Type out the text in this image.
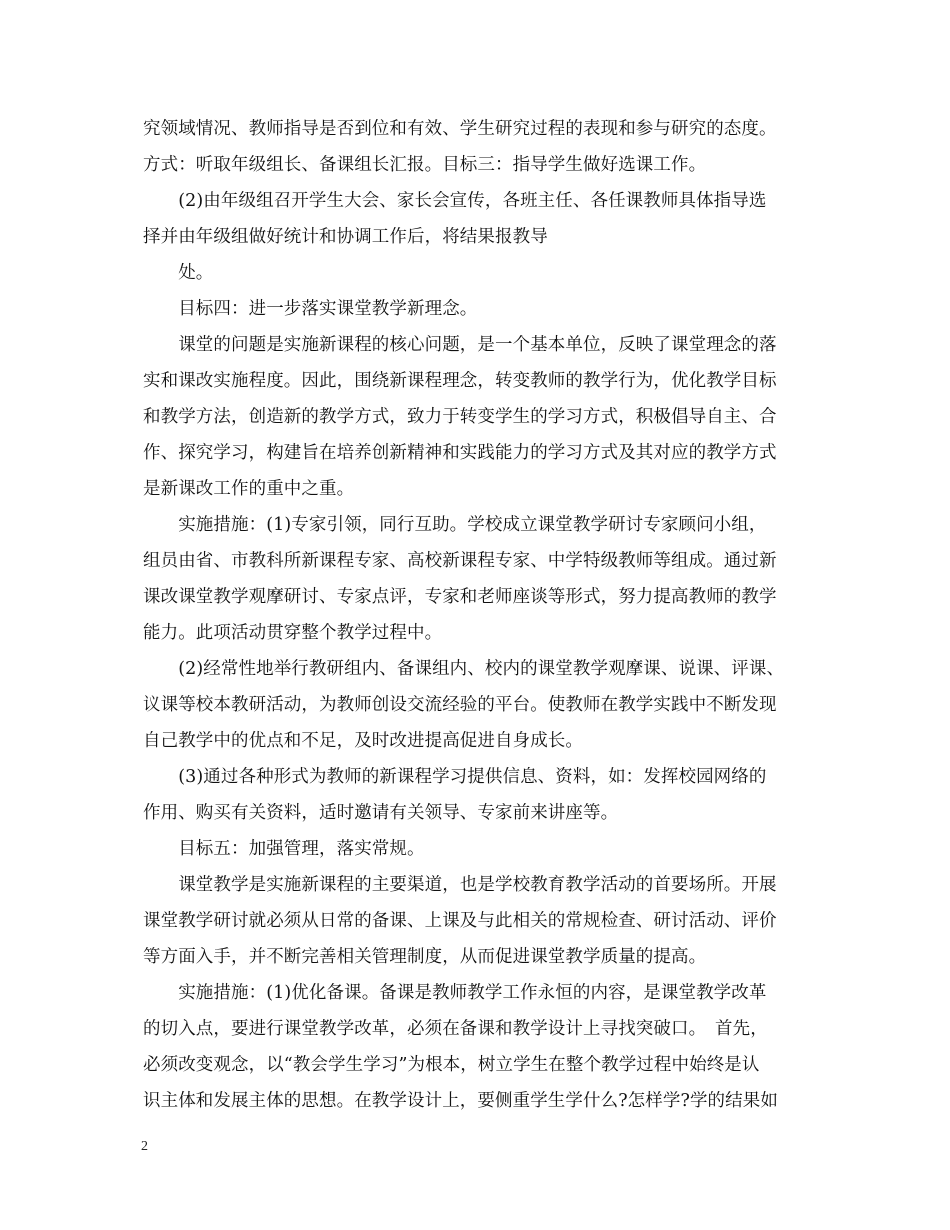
究领域情况、教师指导是否到位和有效、学生研究过程的表现和参与研究的态度。
方式：听取年级组长、备课组长汇报。目标三：指导学生做好选课工作。
　　(2)由年级组召开学生大会、家长会宣传，各班主任、各任课教师具体指导选
择并由年级组做好统计和协调工作后，将结果报教导
　　处。
　　目标四：进一步落实课堂教学新理念。
　　课堂的问题是实施新课程的核心问题，是一个基本单位，反映了课堂理念的落
实和课改实施程度。因此，围绕新课程理念，转变教师的教学行为，优化教学目标
和教学方法，创造新的教学方式，致力于转变学生的学习方式，积极倡导自主、合
作、探究学习，构建旨在培养创新精神和实践能力的学习方式及其对应的教学方式
是新课改工作的重中之重。
　　实施措施：(1)专家引领，同行互助。学校成立课堂教学研讨专家顾问小组，
组员由省、市教科所新课程专家、高校新课程专家、中学特级教师等组成。通过新
课改课堂教学观摩研讨、专家点评，专家和老师座谈等形式，努力提高教师的教学
能力。此项活动贯穿整个教学过程中。
　　(2)经常性地举行教研组内、备课组内、校内的课堂教学观摩课、说课、评课、
议课等校本教研活动，为教师创设交流经验的平台。使教师在教学实践中不断发现
自己教学中的优点和不足，及时改进提高促进自身成长。
　　(3)通过各种形式为教师的新课程学习提供信息、资料，如：发挥校园网络的
作用、购买有关资料，适时邀请有关领导、专家前来讲座等。
　　目标五：加强管理，落实常规。
　　课堂教学是实施新课程的主要渠道，也是学校教育教学活动的首要场所。开展
课堂教学研讨就必须从日常的备课、上课及与此相关的常规检查、研讨活动、评价
等方面入手，并不断完善相关管理制度，从而促进课堂教学质量的提高。
　　实施措施：(1)优化备课。备课是教师教学工作永恒的内容，是课堂教学改革
的切入点，要进行课堂教学改革，必须在备课和教学设计上寻找突破口。　首先，
必须改变观念，以“教会学生学习”为根本，树立学生在整个教学过程中始终是认
识主体和发展主体的思想。在教学设计上，要侧重学生学什么?怎样学?学的结果如
2
